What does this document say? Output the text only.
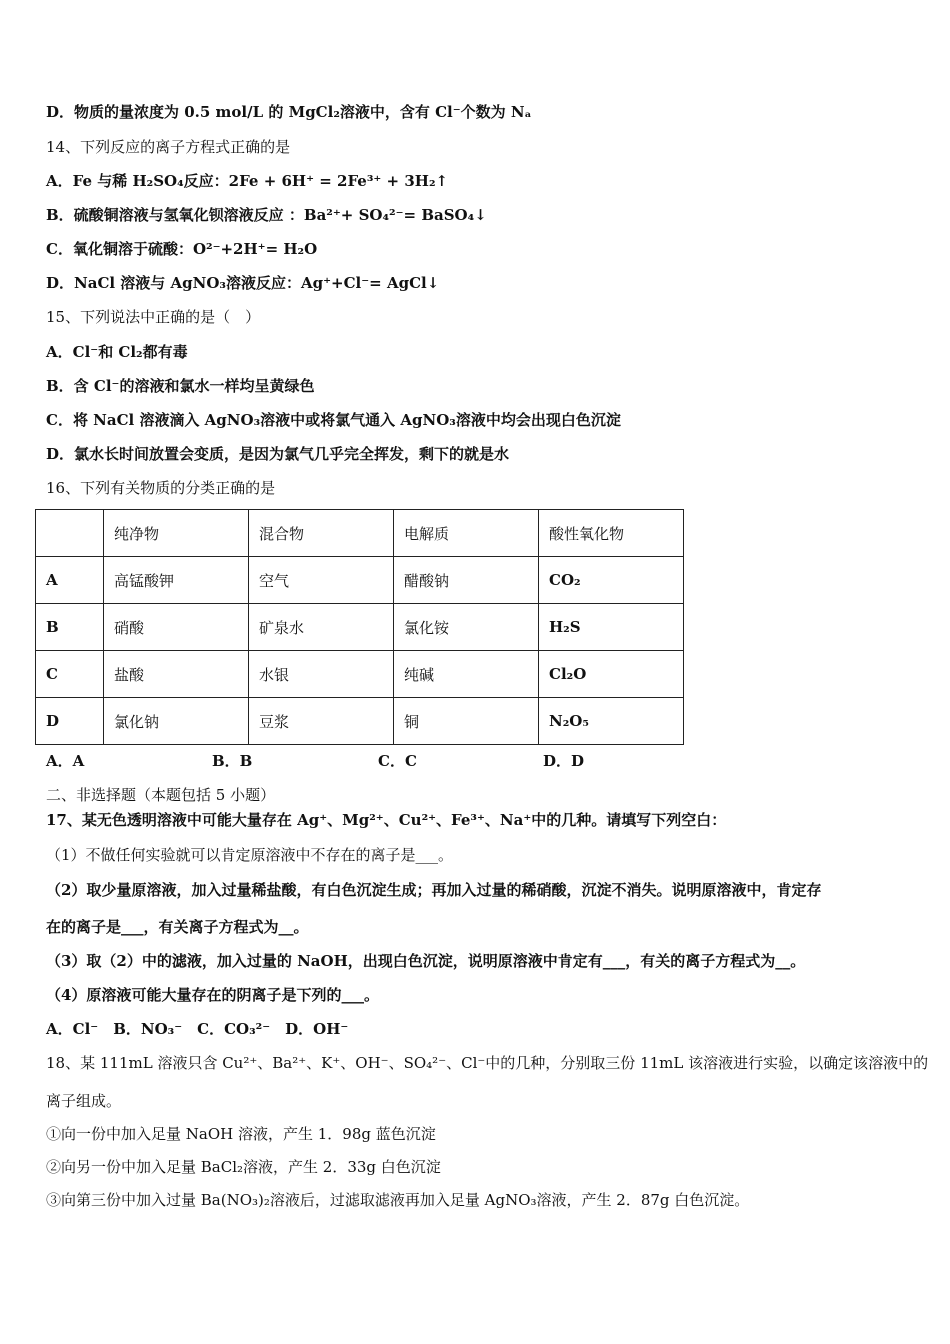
D．物质的量浓度为 0.5 mol/L 的 MgCl₂溶液中，含有 Cl⁻个数为 Nₐ
14、下列反应的离子方程式正确的是
A．Fe 与稀 H₂SO₄反应：2Fe + 6H⁺ = 2Fe³⁺ + 3H₂↑
B．硫酸铜溶液与氢氧化钡溶液反应 ：Ba²⁺+ SO₄²⁻= BaSO₄↓
C．氧化铜溶于硫酸：O²⁻+2H⁺= H₂O
D．NaCl 溶液与 AgNO₃溶液反应：Ag⁺+Cl⁻= AgCl↓
15、下列说法中正确的是（　）
A．Cl⁻和 Cl₂都有毒
B．含 Cl⁻的溶液和氯水一样均呈黄绿色
C．将 NaCl 溶液滴入 AgNO₃溶液中或将氯气通入 AgNO₃溶液中均会出现白色沉淀
D．氯水长时间放置会变质，是因为氯气几乎完全挥发，剩下的就是水
16、下列有关物质的分类正确的是
	纯净物	混合物	电解质	酸性氧化物
A	高锰酸钾	空气	醋酸钠	CO₂
B	硝酸	矿泉水	氯化铵	H₂S
C	盐酸	水银	纯碱	Cl₂O
D	氯化钠	豆浆	铜	N₂O₅
A．A	B．B	C．C	D．D
二、非选择题（本题包括 5 小题）
17、某无色透明溶液中可能大量存在 Ag⁺、Mg²⁺、Cu²⁺、Fe³⁺、Na⁺中的几种。请填写下列空白：
（1）不做任何实验就可以肯定原溶液中不存在的离子是___。
（2）取少量原溶液，加入过量稀盐酸，有白色沉淀生成；再加入过量的稀硝酸，沉淀不消失。说明原溶液中，肯定存
在的离子是___，有关离子方程式为__。
（3）取（2）中的滤液，加入过量的 NaOH，出现白色沉淀，说明原溶液中肯定有___，有关的离子方程式为__。
（4）原溶液可能大量存在的阴离子是下列的___。
A．Cl⁻　B．NO₃⁻　C．CO₃²⁻　D．OH⁻
18、某 111mL 溶液只含 Cu²⁺、Ba²⁺、K⁺、OH⁻、SO₄²⁻、Cl⁻中的几种，分别取三份 11mL 该溶液进行实验，以确定该溶液中的
离子组成。
①向一份中加入足量 NaOH 溶液，产生 1．98g 蓝色沉淀
②向另一份中加入足量 BaCl₂溶液，产生 2．33g 白色沉淀
③向第三份中加入过量 Ba(NO₃)₂溶液后，过滤取滤液再加入足量 AgNO₃溶液，产生 2．87g 白色沉淀。
